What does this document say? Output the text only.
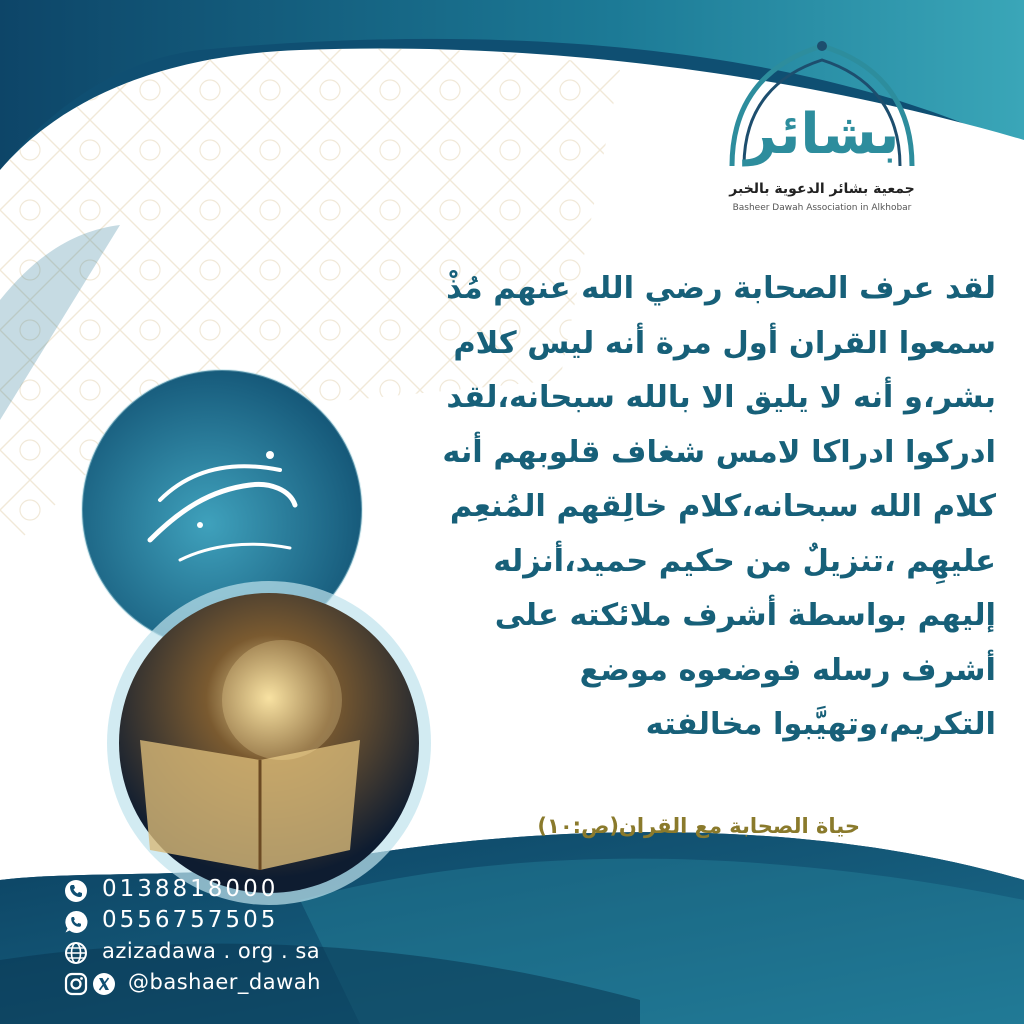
بشائر
جمعية بشائر الدعوية بالخبر
Basheer Dawah Association in Alkhobar
لقد عرف الصحابة رضي الله عنهم مُذْ
سمعوا القران أول مرة أنه ليس كلام
بشر،و أنه لا يليق الا بالله سبحانه،لقد
ادركوا ادراكا لامس شغاف قلوبهم أنه
كلام الله سبحانه،كلام خالِقهم المُنعِم
عليهِم ،تنزيلٌ من حكيم حميد،أنزله
إليهم بواسطة أشرف ملائكته على
أشرف رسله فوضعوه موضع
التكريم،وتهيَّبوا مخالفته
حياة الصحابة مع القران(ص:١٠)
0138818000
0556757505
azizadawa . org . sa
@bashaer_dawah
